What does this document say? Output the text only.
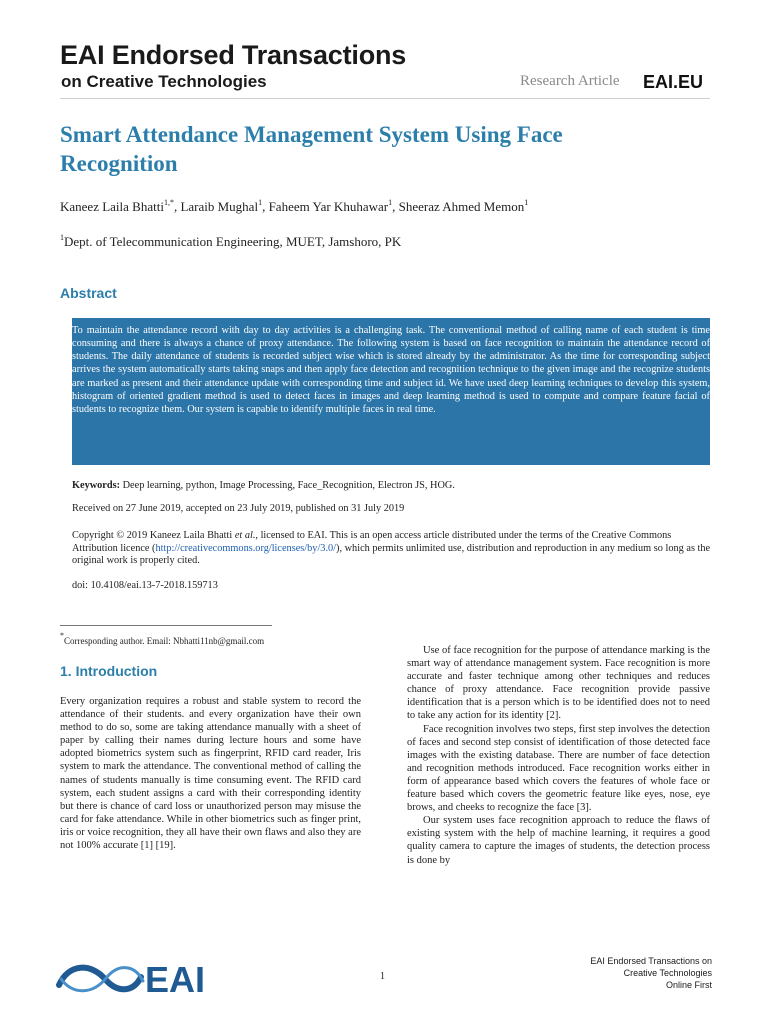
EAI Endorsed Transactions
on Creative Technologies	Research Article EAI.EU
Smart Attendance Management System Using Face Recognition
Kaneez Laila Bhatti$^{1,*}$, Laraib Mughal$^1$, Faheem Yar Khuhawar$^1$, Sheeraz Ahmed Memon$^1$
$^1$Dept. of Telecommunication Engineering, MUET, Jamshoro, PK
Abstract
To maintain the attendance record with day to day activities is a challenging task. The conventional method of calling name of each student is time consuming and there is always a chance of proxy attendance. The following system is based on face recognition to maintain the attendance record of students. The daily attendance of students is recorded subject wise which is stored already by the administrator. As the time for corresponding subject arrives the system automatically starts taking snaps and then apply face detection and recognition technique to the given image and the recognize students are marked as present and their attendance update with corresponding time and subject id. We have used deep learning techniques to develop this system, histogram of oriented gradient method is used to detect faces in images and deep learning method is used to compute and compare feature facial of students to recognize them. Our system is capable to identify multiple faces in real time.
Keywords: Deep learning, python, Image Processing, Face_Recognition, Electron JS, HOG.
Received on 27 June 2019, accepted on 23 July 2019, published on 31 July 2019
Copyright © 2019 Kaneez Laila Bhatti et al., licensed to EAI. This is an open access article distributed under the terms of the Creative Commons Attribution licence (http://creativecommons.org/licenses/by/3.0/), which permits unlimited use, distribution and reproduction in any medium so long as the original work is properly cited.
doi: 10.4108/eai.13-7-2018.159713
*Corresponding author. Email: Nbhatti11nb@gmail.com
1. Introduction

Every organization requires a robust and stable system to record the attendance of their students. and every organization have their own method to do so, some are taking attendance manually with a sheet of paper by calling their names during lecture hours and some have adopted biometrics system such as fingerprint, RFID card reader, Iris system to mark the attendance. The conventional method of calling the names of students manually is time consuming event. The RFID card system, each student assigns a card with their corresponding identity but there is chance of card loss or unauthorized person may misuse the card for fake attendance. While in other biometrics such as finger print, iris or voice recognition, they all have their own flaws and also they are not 100% accurate [1] [19].

Use of face recognition for the purpose of attendance marking is the smart way of attendance management system. Face recognition is more accurate and faster technique among other techniques and reduces chance of proxy attendance. Face recognition provide passive identification that is a person which is to be identified does not to need to take any action for its identity [2].

Face recognition involves two steps, first step involves the detection of faces and second step consist of identification of those detected face images with the existing database. There are number of face detection and recognition methods introduced. Face recognition works either in form of appearance based which covers the features of whole face or feature based which covers the geometric feature like eyes, nose, eye brows, and cheeks to recognize the face [3].

Our system uses face recognition approach to reduce the flaws of existing system with the help of machine learning, it requires a good quality camera to capture the images of students, the detection process is done by

EAI	1
EAI Endorsed Transactions on
Creative Technologies
Online First
